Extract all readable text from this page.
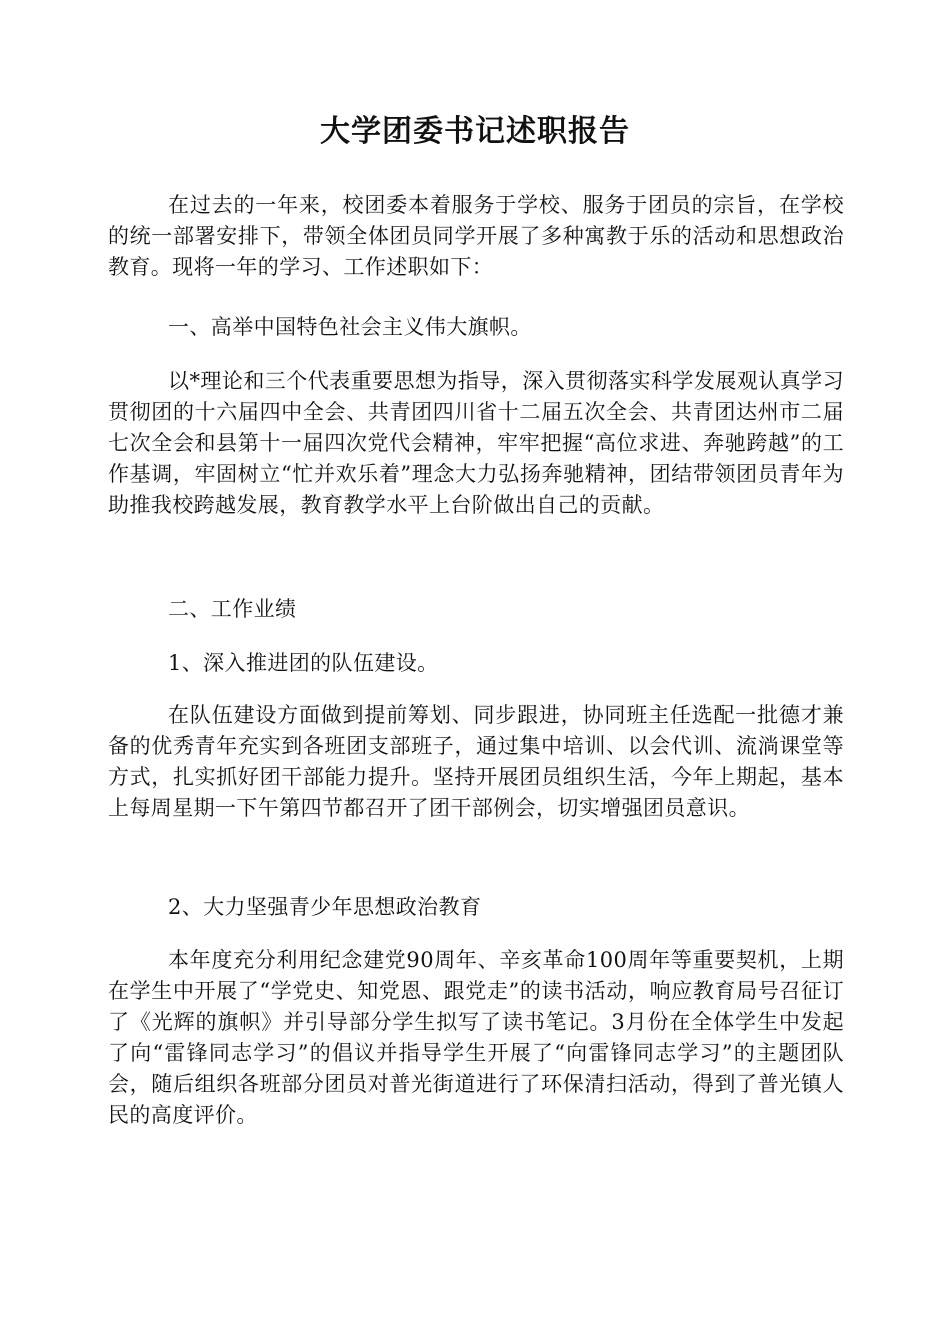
大学团委书记述职报告

在过去的一年来，校团委本着服务于学校、服务于团员的宗旨，在学校的统一部署安排下，带领全体团员同学开展了多种寓教于乐的活动和思想政治教育。现将一年的学习、工作述职如下：

一、高举中国特色社会主义伟大旗帜。

以*理论和三个代表重要思想为指导，深入贯彻落实科学发展观认真学习贯彻团的十六届四中全会、共青团四川省十二届五次全会、共青团达州市二届七次全会和县第十一届四次党代会精神，牢牢把握“高位求进、奔驰跨越”的工作基调，牢固树立“忙并欢乐着”理念大力弘扬奔驰精神，团结带领团员青年为助推我校跨越发展，教育教学水平上台阶做出自己的贡献。

二、工作业绩

1、深入推进团的队伍建设。

在队伍建设方面做到提前筹划、同步跟进，协同班主任选配一批德才兼备的优秀青年充实到各班团支部班子，通过集中培训、以会代训、流淌课堂等方式，扎实抓好团干部能力提升。坚持开展团员组织生活，今年上期起，基本上每周星期一下午第四节都召开了团干部例会，切实增强团员意识。

2、大力坚强青少年思想政治教育

本年度充分利用纪念建党90周年、辛亥革命100周年等重要契机，上期在学生中开展了“学党史、知党恩、跟党走”的读书活动，响应教育局号召征订了《光辉的旗帜》并引导部分学生拟写了读书笔记。3月份在全体学生中发起了向“雷锋同志学习”的倡议并指导学生开展了“向雷锋同志学习”的主题团队会，随后组织各班部分团员对普光街道进行了环保清扫活动，得到了普光镇人民的高度评价。
